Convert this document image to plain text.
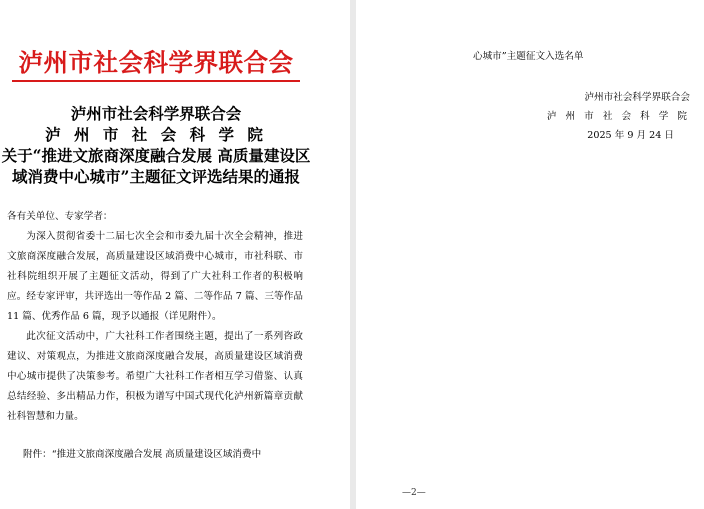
泸州市社会科学界联合会
泸州市社会科学界联合会
泸 州 市 社 会 科 学 院
关于“推进文旅商深度融合发展 高质量建设区
域消费中心城市”主题征文评选结果的通报

各有关单位、专家学者：

为深入贯彻省委十二届七次全会和市委九届十次全会精神，推进文旅商深度融合发展，高质量建设区域消费中心城市，市社科联、市社科院组织开展了主题征文活动，得到了广大社科工作者的积极响应。经专家评审，共评选出一等作品 2 篇、二等作品 7 篇、三等作品 11 篇、优秀作品 6 篇，现予以通报（详见附件）。

此次征文活动中，广大社科工作者围绕主题，提出了一系列咨政建议、对策观点，为推进文旅商深度融合发展，高质量建设区域消费中心城市提供了决策参考。希望广大社科工作者相互学习借鉴、认真总结经验、多出精品力作，积极为谱写中国式现代化泸州新篇章贡献社科智慧和力量。

附件：“推进文旅商深度融合发展 高质量建设区域消费中
心城市”主题征文入选名单
泸州市社会科学界联合会
泸 州 市 社 会 科 学 院
2025 年 9 月 24 日
—2—
